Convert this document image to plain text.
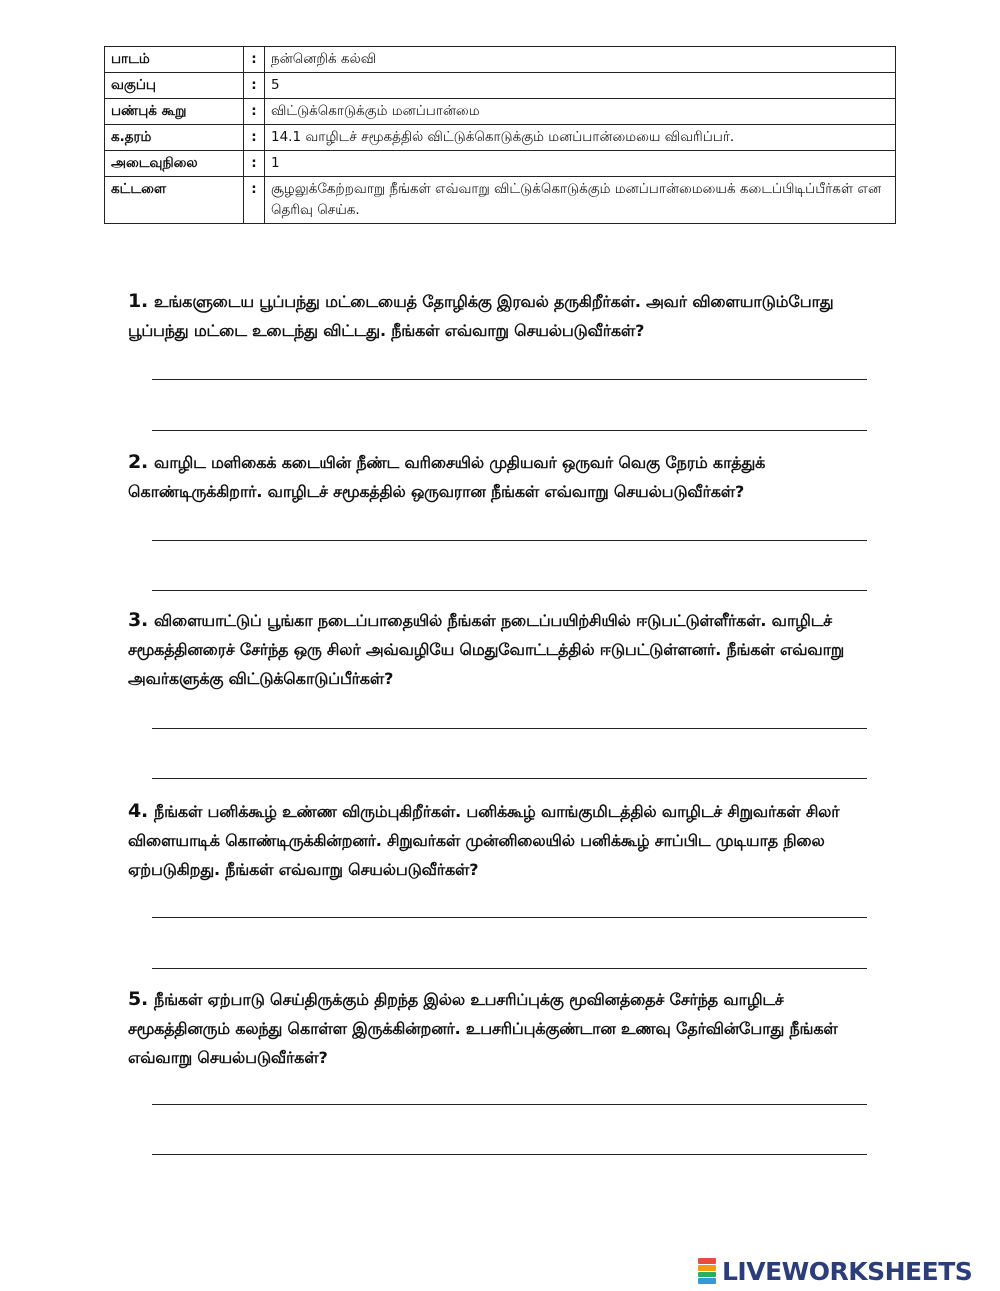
பாடம்	:	நன்னெறிக் கல்வி
வகுப்பு	:	5
பண்புக் கூறு	:	விட்டுக்கொடுக்கும் மனப்பான்மை
க.தரம்	:	14.1 வாழிடச் சமூகத்தில் விட்டுக்கொடுக்கும் மனப்பான்மையை விவரிப்பர்.
அடைவுநிலை	:	1
கட்டளை	:	சூழலுக்கேற்றவாறு நீங்கள் எவ்வாறு விட்டுக்கொடுக்கும் மனப்பான்மையைக் கடைப்பிடிப்பீர்கள் என தெரிவு செய்க.
1. உங்களுடைய பூப்பந்து மட்டையைத் தோழிக்கு இரவல் தருகிறீர்கள். அவர் விளையாடும்போது பூப்பந்து மட்டை உடைந்து விட்டது. நீங்கள் எவ்வாறு செயல்படுவீர்கள்?
2. வாழிட மளிகைக் கடையின் நீண்ட வரிசையில் முதியவர் ஒருவர் வெகு நேரம் காத்துக் கொண்டிருக்கிறார். வாழிடச் சமூகத்தில் ஒருவரான நீங்கள் எவ்வாறு செயல்படுவீர்கள்?
3. விளையாட்டுப் பூங்கா நடைப்பாதையில் நீங்கள் நடைப்பயிற்சியில் ஈடுபட்டுள்ளீர்கள். வாழிடச் சமூகத்தினரைச் சேர்ந்த ஒரு சிலர் அவ்வழியே மெதுவோட்டத்தில் ஈடுபட்டுள்ளனர். நீங்கள் எவ்வாறு அவர்களுக்கு விட்டுக்கொடுப்பீர்கள்?
4. நீங்கள் பனிக்கூழ் உண்ண விரும்புகிறீர்கள். பனிக்கூழ் வாங்குமிடத்தில் வாழிடச் சிறுவர்கள் சிலர் விளையாடிக் கொண்டிருக்கின்றனர். சிறுவர்கள் முன்னிலையில் பனிக்கூழ் சாப்பிட முடியாத நிலை ஏற்படுகிறது. நீங்கள் எவ்வாறு செயல்படுவீர்கள்?
5. நீங்கள் ஏற்பாடு செய்திருக்கும் திறந்த இல்ல உபசரிப்புக்கு மூவினத்தைச் சேர்ந்த வாழிடச் சமூகத்தினரும் கலந்து கொள்ள இருக்கின்றனர். உபசரிப்புக்குண்டான உணவு தேர்வின்போது நீங்கள் எவ்வாறு செயல்படுவீர்கள்?
LIVEWORKSHEETS
